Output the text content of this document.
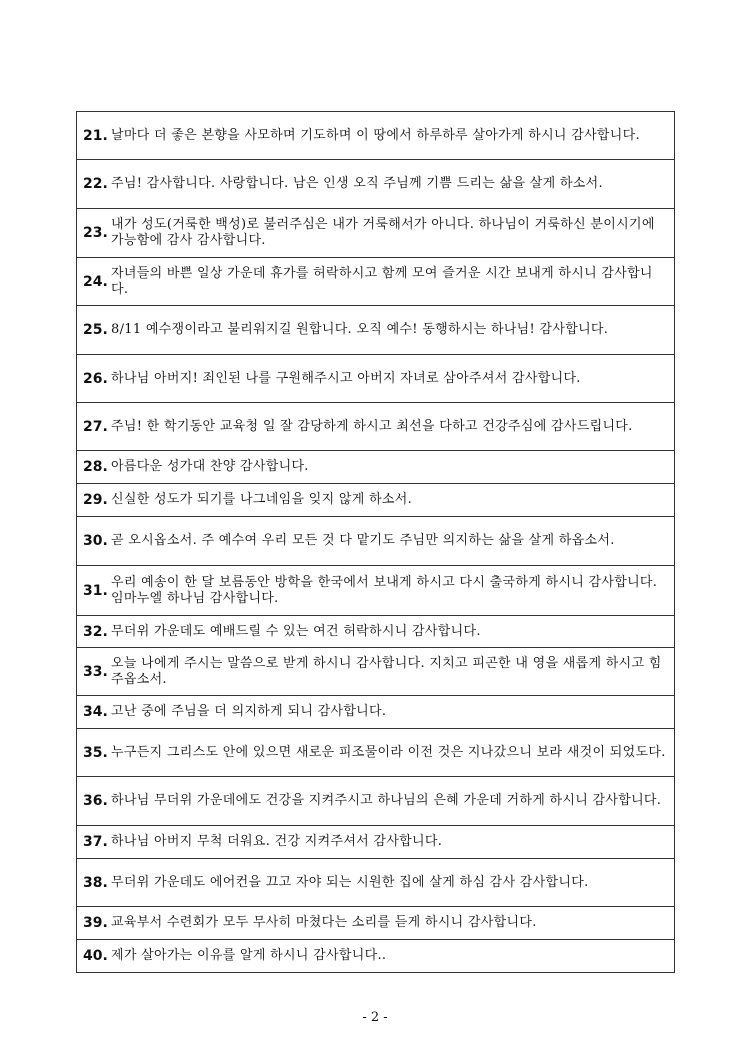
21. 날마다 더 좋은 본향을 사모하며 기도하며 이 땅에서 하루하루 살아가게 하시니 감사합니다.

22. 주님! 감사합니다. 사랑합니다. 남은 인생 오직 주님께 기쁨 드리는 삶을 살게 하소서.

23.
내가 성도(거룩한 백성)로 불러주심은 내가 거룩해서가 아니다. 하나님이 거룩하신 분이시기에 가능함에 감사 감사합니다.

24.
자녀들의 바쁜 일상 가운데 휴가를 허락하시고 함께 모여 즐거운 시간 보내게 하시니 감사합니다.

25. 8/11 예수쟁이라고 불리워지길 원합니다. 오직 예수! 동행하시는 하나님! 감사합니다.

26. 하나님 아버지! 죄인된 나를 구원해주시고 아버지 자녀로 삼아주셔서 감사합니다.

27. 주님! 한 학기동안 교육청 일 잘 감당하게 하시고 최선을 다하고 건강주심에 감사드립니다.

28. 아름다운 성가대 찬양 감사합니다.

29. 신실한 성도가 되기를 나그네임을 잊지 않게 하소서.

30. 곧 오시옵소서. 주 예수여 우리 모든 것 다 맡기도 주님만 의지하는 삶을 살게 하옵소서.

31.
우리 예송이 한 달 보름동안 방학을 한국에서 보내게 하시고 다시 출국하게 하시니 감사합니다. 임마누엘 하나님 감사합니다.

32. 무더위 가운데도 예배드릴 수 있는 여건 허락하시니 감사합니다.

33.
오늘 나에게 주시는 말씀으로 받게 하시니 감사합니다. 지치고 피곤한 내 영을 새롭게 하시고 힘주옵소서.

34. 고난 중에 주님을 더 의지하게 되니 감사합니다.

35. 누구든지 그리스도 안에 있으면 새로운 피조물이라 이전 것은 지나갔으니 보라 새것이 되었도다.

36. 하나님 무더위 가운데에도 건강을 지켜주시고 하나님의 은혜 가운데 거하게 하시니 감사합니다.

37. 하나님 아버지 무척 더워요. 건강 지켜주셔서 감사합니다.

38. 무더위 가운데도 에어컨을 끄고 자야 되는 시원한 집에 살게 하심 감사 감사합니다.

39. 교육부서 수련회가 모두 무사히 마쳤다는 소리를 듣게 하시니 감사합니다.

40. 제가 살아가는 이유를 알게 하시니 감사합니다..
- 2 -
